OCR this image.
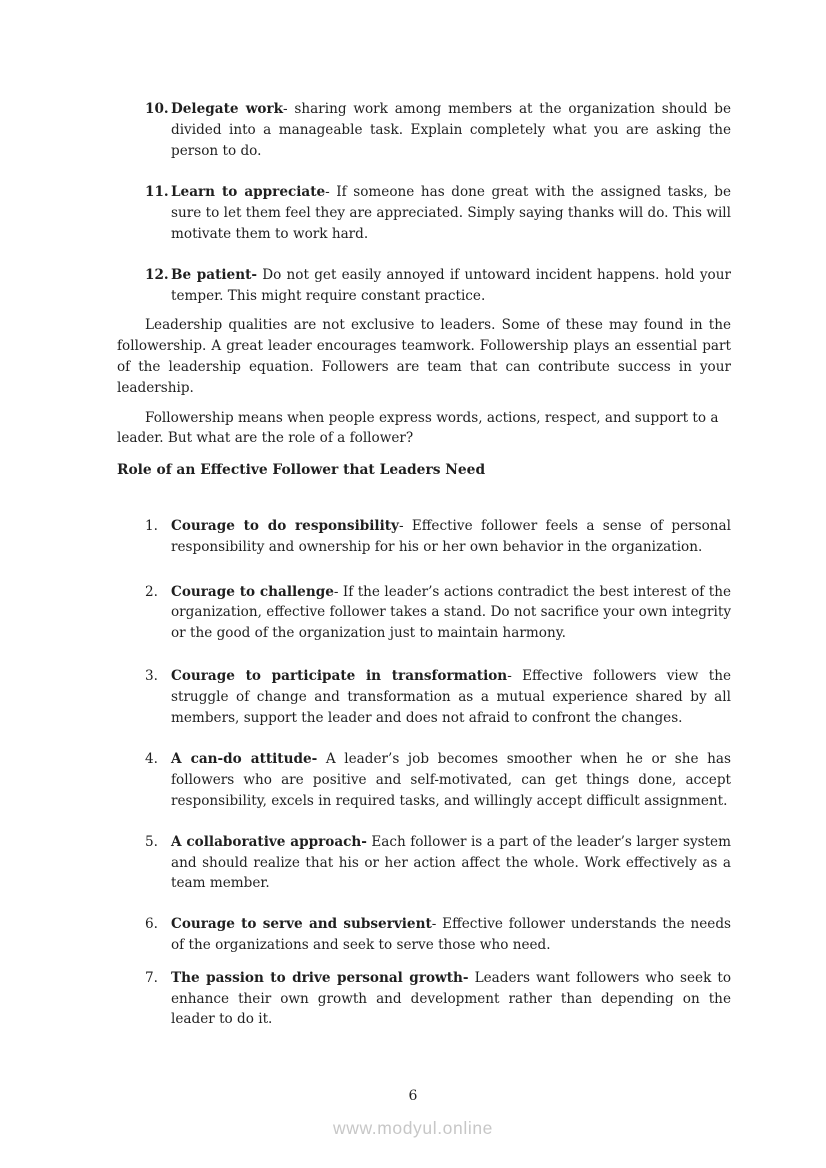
10. Delegate work- sharing work among members at the organization should be divided into a manageable task. Explain completely what you are asking the person to do.
11. Learn to appreciate- If someone has done great with the assigned tasks, be sure to let them feel they are appreciated. Simply saying thanks will do. This will motivate them to work hard.
12. Be patient- Do not get easily annoyed if untoward incident happens. hold your temper. This might require constant practice.

Leadership qualities are not exclusive to leaders. Some of these may found in the followership. A great leader encourages teamwork. Followership plays an essential part of the leadership equation. Followers are team that can contribute success in your leadership.

Followership means when people express words, actions, respect, and support to a leader. But what are the role of a follower?

Role of an Effective Follower that Leaders Need
1. Courage to do responsibility- Effective follower feels a sense of personal responsibility and ownership for his or her own behavior in the organization.
2. Courage to challenge- If the leader’s actions contradict the best interest of the organization, effective follower takes a stand. Do not sacrifice your own integrity or the good of the organization just to maintain harmony.
3. Courage to participate in transformation- Effective followers view the struggle of change and transformation as a mutual experience shared by all members, support the leader and does not afraid to confront the changes.
4. A can-do attitude- A leader’s job becomes smoother when he or she has followers who are positive and self-motivated, can get things done, accept responsibility, excels in required tasks, and willingly accept difficult assignment.
5. A collaborative approach- Each follower is a part of the leader’s larger system and should realize that his or her action affect the whole. Work effectively as a team member.
6. Courage to serve and subservient- Effective follower understands the needs of the organizations and seek to serve those who need.
7. The passion to drive personal growth- Leaders want followers who seek to enhance their own growth and development rather than depending on the leader to do it.
6
www.modyul.online
